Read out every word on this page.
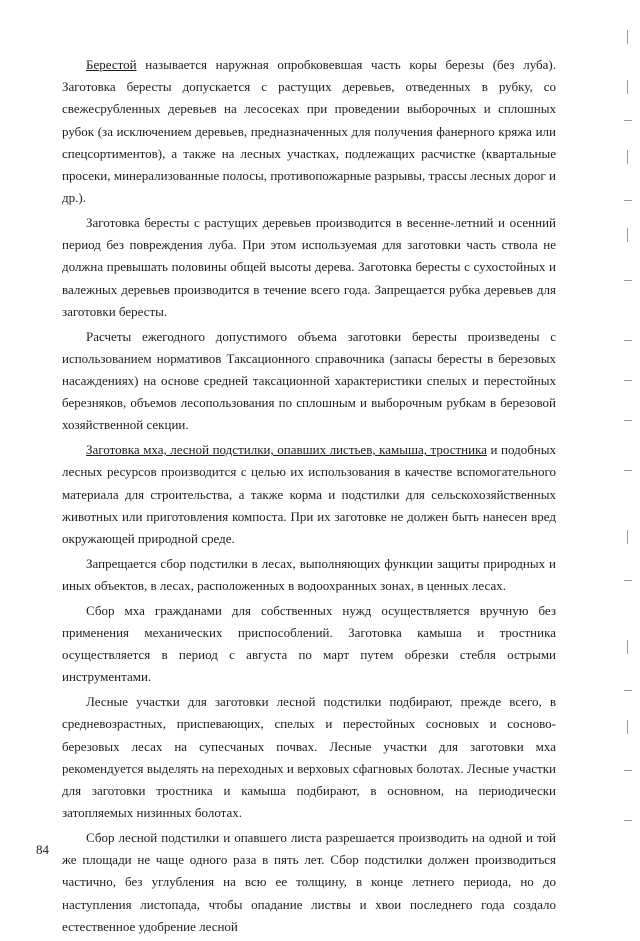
Берестой называется наружная опробковевшая часть коры березы (без луба). Заготовка бересты допускается с растущих деревьев, отведенных в рубку, со свежесрубленных деревьев на лесосеках при проведении выборочных и сплошных рубок (за исключением деревьев, предназначенных для получения фанерного кряжа или спецсортиментов), а также на лесных участках, подлежащих расчистке (квартальные просеки, минерализованные полосы, противопожарные разрывы, трассы лесных дорог и др.).

Заготовка бересты с растущих деревьев производится в весенне-летний и осенний период без повреждения луба. При этом используемая для заготовки часть ствола не должна превышать половины общей высоты дерева. Заготовка бересты с сухостойных и валежных деревьев производится в течение всего года. Запрещается рубка деревьев для заготовки бересты.

Расчеты ежегодного допустимого объема заготовки бересты произведены с использованием нормативов Таксационного справочника (запасы бересты в березовых насаждениях) на основе средней таксационной характеристики спелых и перестойных березняков, объемов лесопользования по сплошным и выборочным рубкам в березовой хозяйственной секции.

Заготовка мха, лесной подстилки, опавших листьев, камыша, тростника и подобных лесных ресурсов производится с целью их использования в качестве вспомогательного материала для строительства, а также корма и подстилки для сельскохозяйственных животных или приготовления компоста. При их заготовке не должен быть нанесен вред окружающей природной среде.

Запрещается сбор подстилки в лесах, выполняющих функции защиты природных и иных объектов, в лесах, расположенных в водоохранных зонах, в ценных лесах.

Сбор мха гражданами для собственных нужд осуществляется вручную без применения механических приспособлений. Заготовка камыша и тростника осуществляется в период с августа по март путем обрезки стебля острыми инструментами.

Лесные участки для заготовки лесной подстилки подбирают, прежде всего, в средневозрастных, приспевающих, спелых и перестойных сосновых и сосново-березовых лесах на супесчаных почвах. Лесные участки для заготовки мха рекомендуется выделять на переходных и верховых сфагновых болотах. Лесные участки для заготовки тростника и камыша подбирают, в основном, на периодически затопляемых низинных болотах.

Сбор лесной подстилки и опавшего листа разрешается производить на одной и той же площади не чаще одного раза в пять лет. Сбор подстилки должен производиться частично, без углубления на всю ее толщину, в конце летнего периода, но до наступления листопада, чтобы опадание листвы и хвои последнего года создало естественное удобрение лесной

84
